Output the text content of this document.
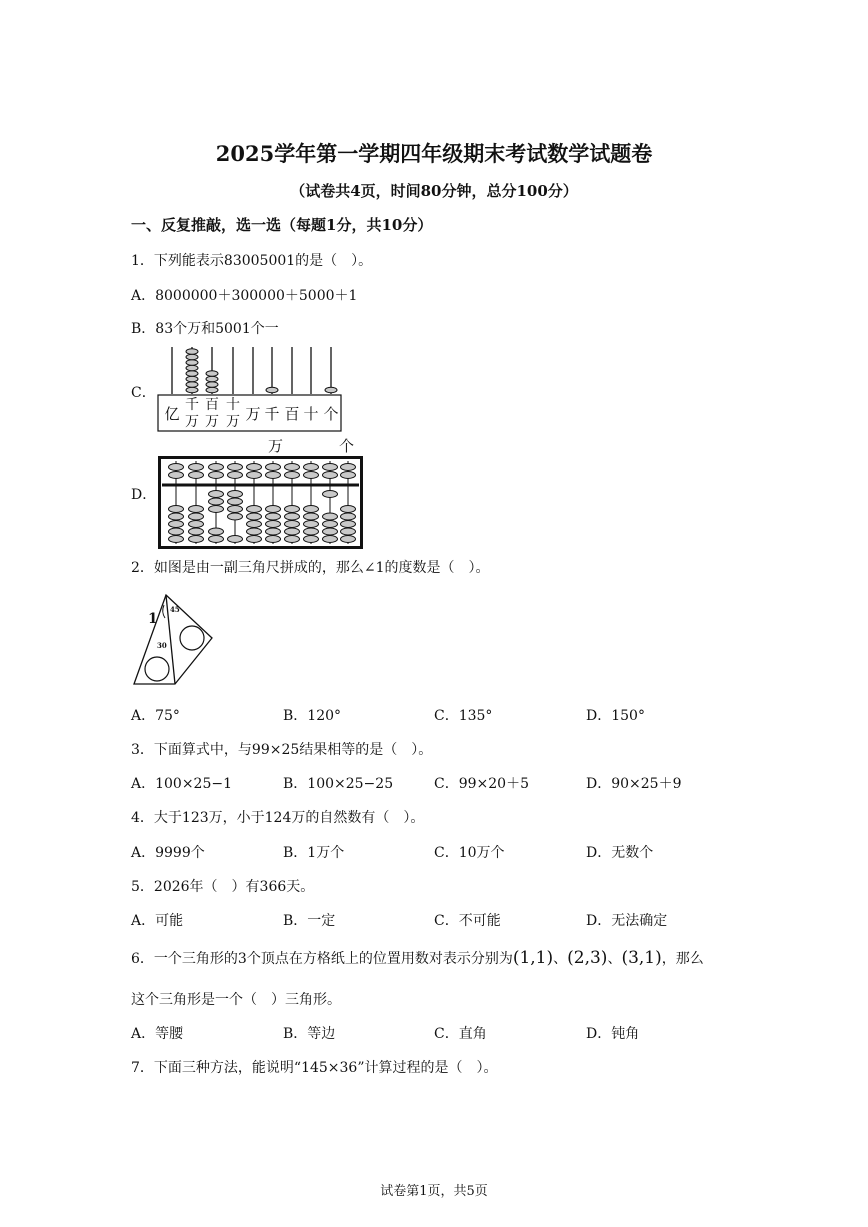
2025学年第一学期四年级期末考试数学试题卷
（试卷共4页，时间80分钟，总分100分）
一、反复推敲，选一选（每题1分，共10分）
1．下列能表示83005001的是（　）。
A．8000000＋300000＋5000＋1
B．83个万和5001个一
C．
亿 千
万
百
万
十
万 万 千 百 十 个
万	个
D．
2．如图是由一副三角尺拼成的，那么∠1的度数是（　）。
1
45
30
A．75°	B．120°	C．135°	D．150°
3．下面算式中，与99×25结果相等的是（　）。
A．100×25−1	B．100×25−25	C．99×20＋5	D．90×25＋9
4．大于123万，小于124万的自然数有（　）。
A．9999个	B．1万个	C．10万个	D．无数个
5．2026年（　）有366天。
A．可能	B．一定	C．不可能	D．无法确定
6．一个三角形的3个顶点在方格纸上的位置用数对表示分别为(1,1)、(2,3)、(3,1)，那么
这个三角形是一个（　）三角形。
A．等腰	B．等边	C．直角	D．钝角
7．下面三种方法，能说明“145×36”计算过程的是（　）。
试卷第1页，共5页
